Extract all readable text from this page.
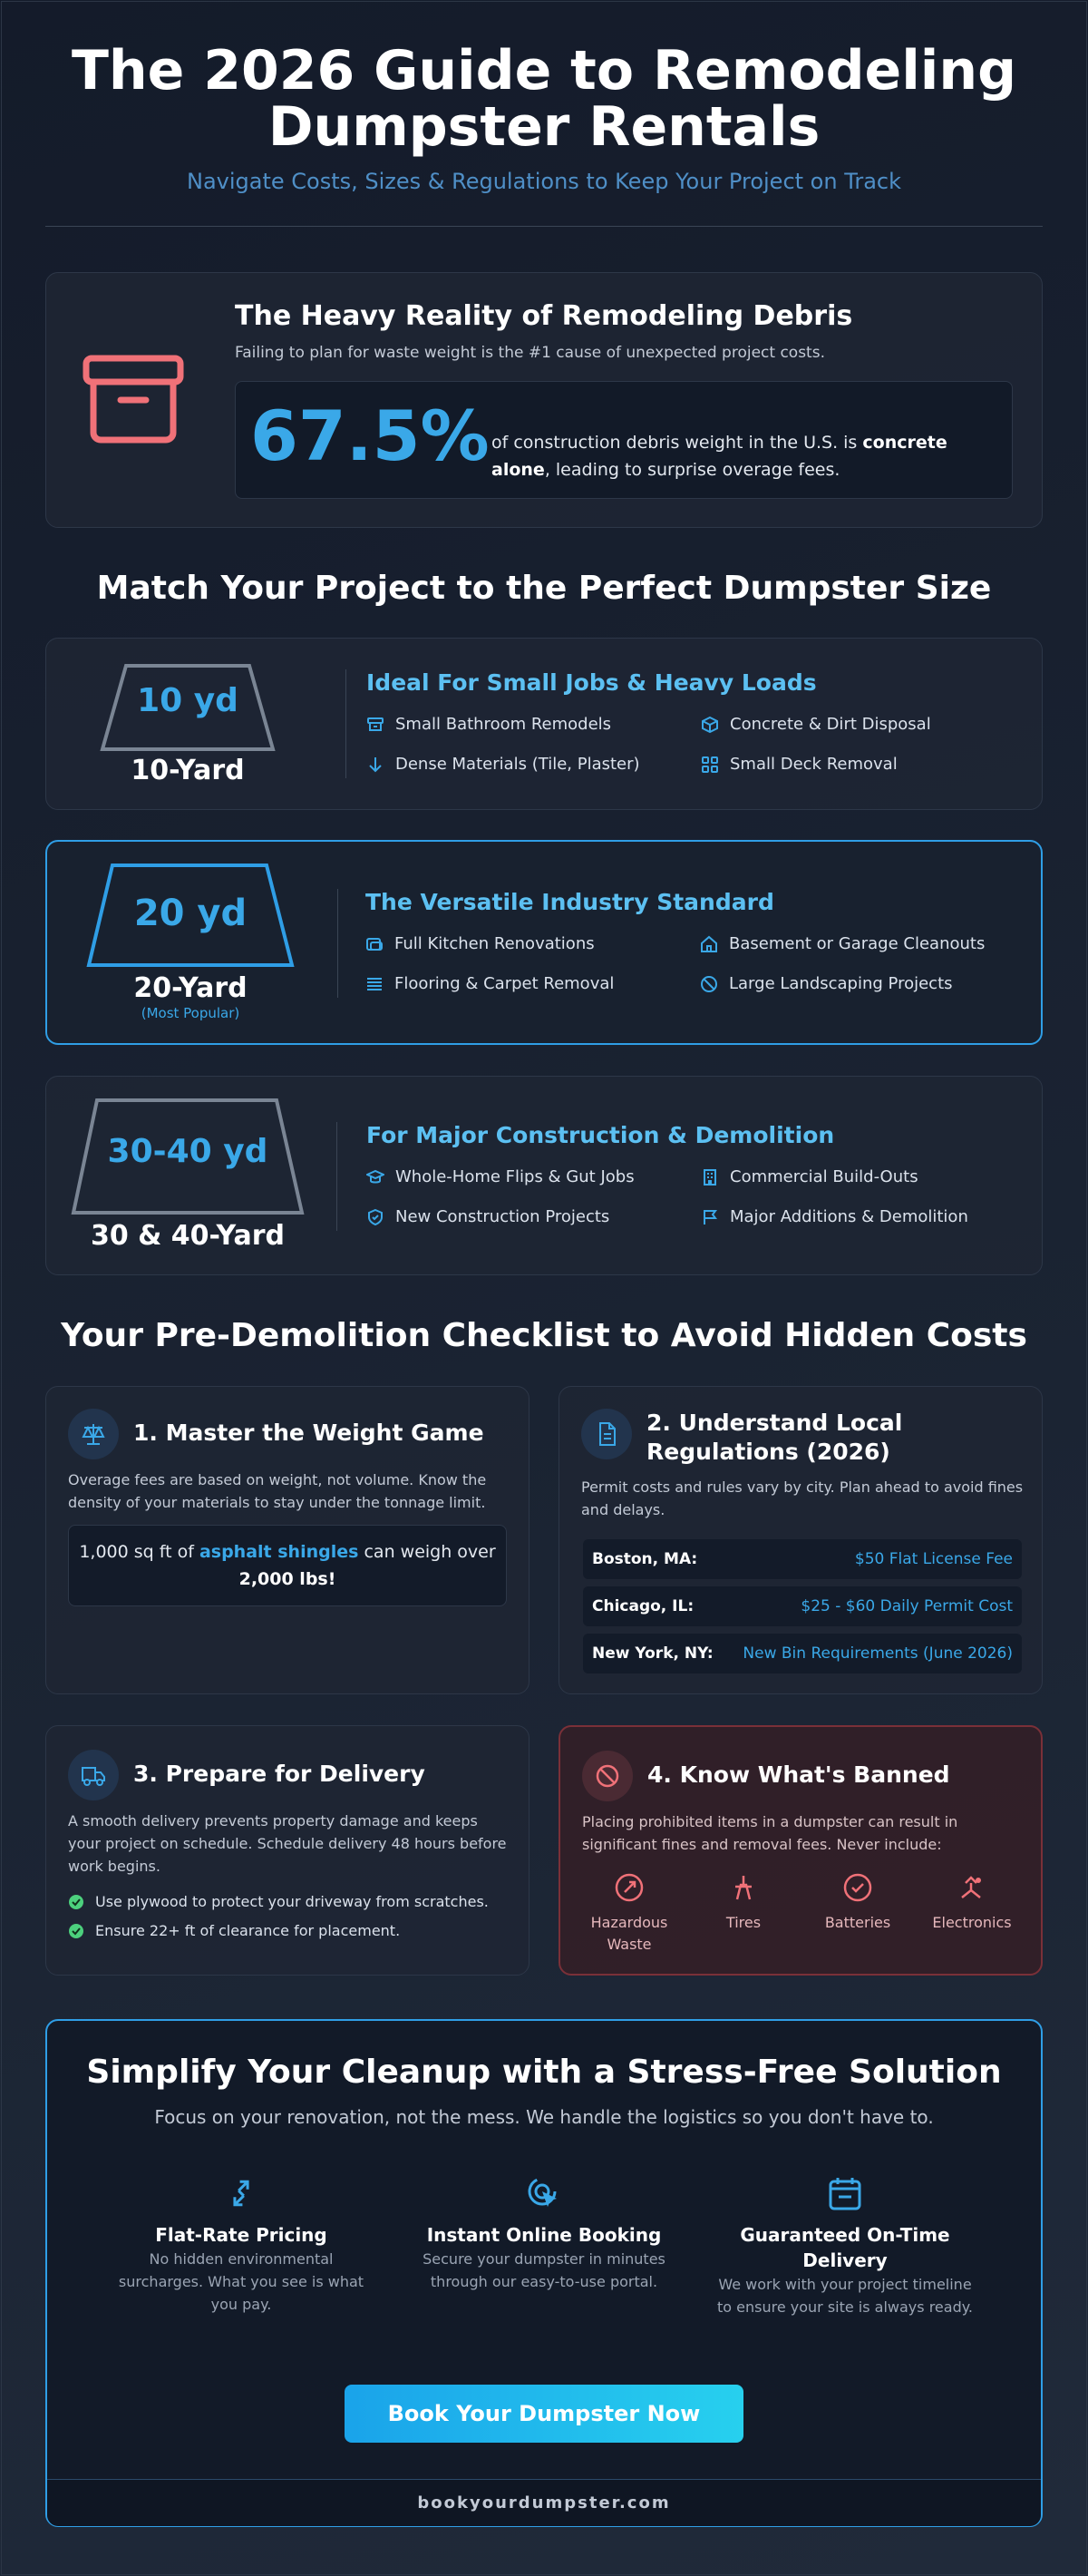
The 2026 Guide to Remodeling
Dumpster Rentals
Navigate Costs, Sizes & Regulations to Keep Your Project on Track
The Heavy Reality of Remodeling Debris
Failing to plan for waste weight is the #1 cause of unexpected project costs.
67.5% of construction debris weight in the U.S. is concrete alone, leading to surprise overage fees.
Match Your Project to the Perfect Dumpster Size
10 yd
10-Yard
Ideal For Small Jobs & Heavy Loads
Small Bathroom Remodels	Concrete & Dirt Disposal
Dense Materials (Tile, Plaster)	Small Deck Removal
20 yd
20-Yard
(Most Popular)
The Versatile Industry Standard
Full Kitchen Renovations	Basement or Garage Cleanouts
Flooring & Carpet Removal	Large Landscaping Projects
30-40 yd
30 & 40-Yard
For Major Construction & Demolition
Whole-Home Flips & Gut Jobs	Commercial Build-Outs
New Construction Projects	Major Additions & Demolition
Your Pre-Demolition Checklist to Avoid Hidden Costs
1. Master the Weight Game
Overage fees are based on weight, not volume. Know the density of your materials to stay under the tonnage limit.
1,000 sq ft of asphalt shingles can weigh over
2,000 lbs!
2. Understand Local
Regulations (2026)
Permit costs and rules vary by city. Plan ahead to avoid fines and delays.
Boston, MA:	$50 Flat License Fee
Chicago, IL:	$25 - $60 Daily Permit Cost
New York, NY: New Bin Requirements (June 2026)
3. Prepare for Delivery
A smooth delivery prevents property damage and keeps your project on schedule. Schedule delivery 48 hours before work begins.
Use plywood to protect your driveway from scratches.
Ensure 22+ ft of clearance for placement.
4. Know What's Banned
Placing prohibited items in a dumpster can result in significant fines and removal fees. Never include:
Hazardous Waste
Tires	Batteries	Electronics
Simplify Your Cleanup with a Stress-Free Solution
Focus on your renovation, not the mess. We handle the logistics so you don't have to.
Flat-Rate Pricing
No hidden environmental surcharges. What you see is what you pay.
Instant Online Booking
Secure your dumpster in minutes through our easy-to-use portal.
Guaranteed On-Time Delivery
We work with your project timeline to ensure your site is always ready.
Book Your Dumpster Now
bookyourdumpster.com
